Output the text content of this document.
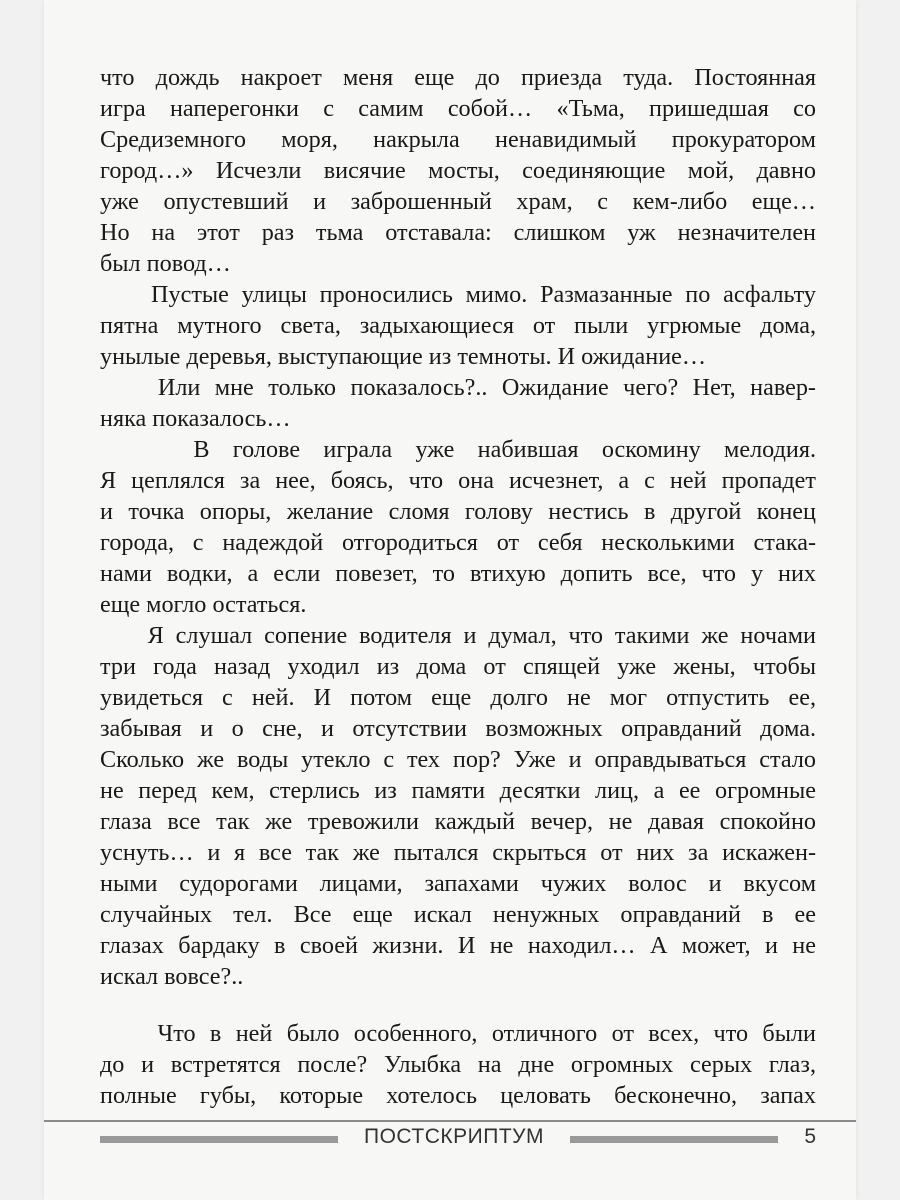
что дождь накроет меня еще до приезда туда. Постоянная
игра наперегонки с самим собой… «Тьма, пришедшая со
Средиземного моря, накрыла ненавидимый прокуратором
город…» Исчезли висячие мосты, соединяющие мой, давно
уже опустевший и заброшенный храм, с кем-либо еще…
Но на этот раз тьма отставала: слишком уж незначителен
был повод…
Пустые улицы проносились мимо. Размазанные по асфальту
пятна мутного света, задыхающиеся от пыли угрюмые дома,
унылые деревья, выступающие из темноты. И ожидание…
Или мне только показалось?.. Ожидание чего? Нет, навер-
няка показалось…
В голове играла уже набившая оскомину мелодия.
Я цеплялся за нее, боясь, что она исчезнет, а с ней пропадет
и точка опоры, желание сломя голову нестись в другой конец
города, с надеждой отгородиться от себя несколькими стака-
нами водки, а если повезет, то втихую допить все, что у них
еще могло остаться.
Я слушал сопение водителя и думал, что такими же ночами
три года назад уходил из дома от спящей уже жены, чтобы
увидеться с ней. И потом еще долго не мог отпустить ее,
забывая и о сне, и отсутствии возможных оправданий дома.
Сколько же воды утекло с тех пор? Уже и оправдываться стало
не перед кем, стерлись из памяти десятки лиц, а ее огромные
глаза все так же тревожили каждый вечер, не давая спокойно
уснуть… и я все так же пытался скрыться от них за искажен-
ными судорогами лицами, запахами чужих волос и вкусом
случайных тел. Все еще искал ненужных оправданий в ее
глазах бардаку в своей жизни. И не находил… А может, и не
искал вовсе?..
Что в ней было особенного, отличного от всех, что были
до и встретятся после? Улыбка на дне огромных серых глаз,
полные губы, которые хотелось целовать бесконечно, запах
ПОСТСКРИПТУМ	5
